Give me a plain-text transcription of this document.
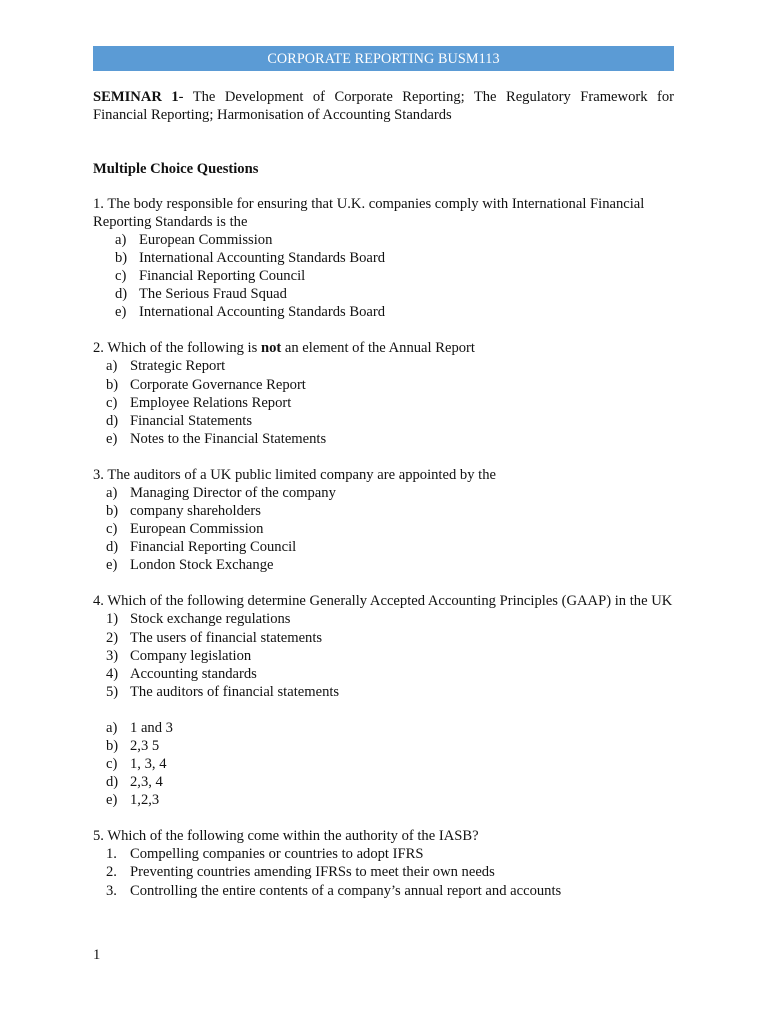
CORPORATE REPORTING BUSM113
SEMINAR 1- The Development of Corporate Reporting; The Regulatory Framework for Financial Reporting; Harmonisation of Accounting Standards
Multiple Choice Questions
1. The body responsible for ensuring that U.K. companies comply with International Financial Reporting Standards is the
a) European Commission
b) International Accounting Standards Board
c) Financial Reporting Council
d) The Serious Fraud Squad
e) International Accounting Standards Board
2. Which of the following is not an element of the Annual Report
a) Strategic Report
b) Corporate Governance Report
c) Employee Relations Report
d) Financial Statements
e) Notes to the Financial Statements
3. The auditors of a UK public limited company are appointed by the
a) Managing Director of the company
b) company shareholders
c) European Commission
d) Financial Reporting Council
e) London Stock Exchange
4. Which of the following determine Generally Accepted Accounting Principles (GAAP) in the UK
1) Stock exchange regulations
2) The users of financial statements
3) Company legislation
4) Accounting standards
5) The auditors of financial statements
a) 1 and 3
b) 2,3 5
c) 1, 3, 4
d) 2,3, 4
e) 1,2,3
5. Which of the following come within the authority of the IASB?
1. Compelling companies or countries to adopt IFRS
2. Preventing countries amending IFRSs to meet their own needs
3. Controlling the entire contents of a company’s annual report and accounts
1
